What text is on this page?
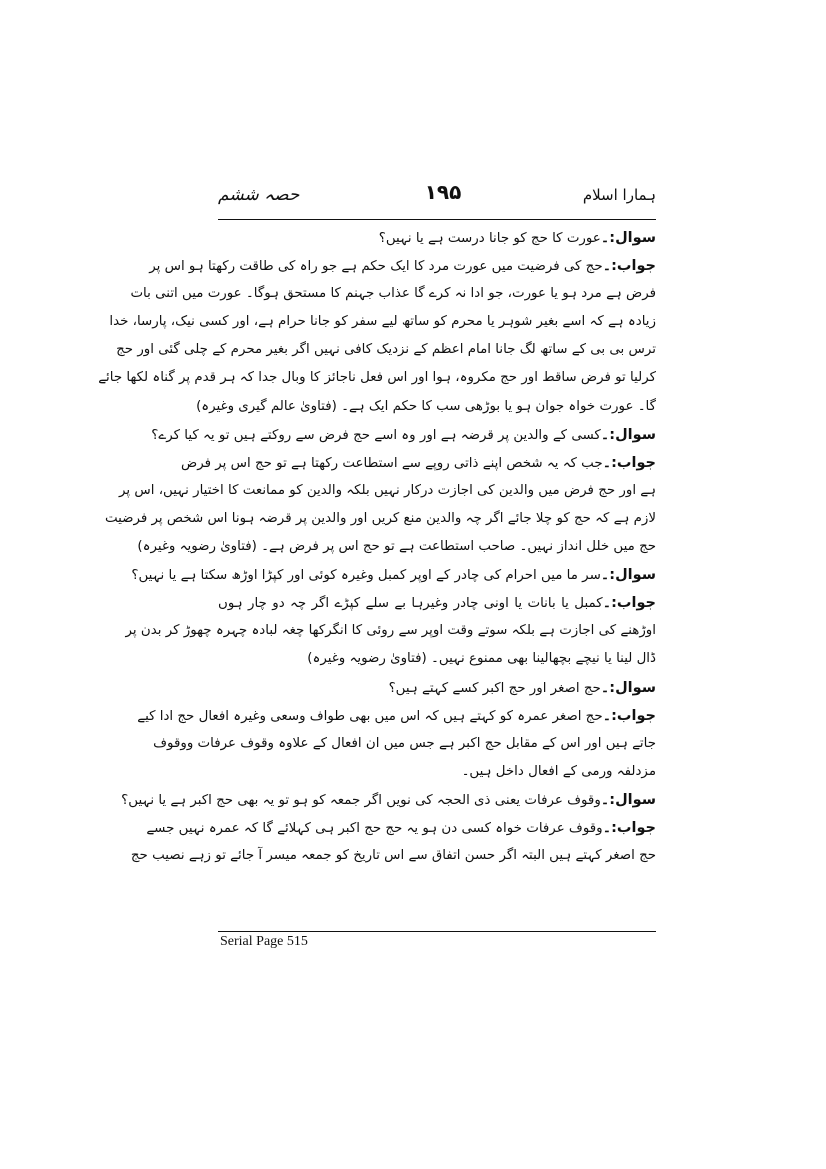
حصہ ششم	۱۹۵	ہمارا اسلام
سوال:۔عورت کا حج کو جانا درست ہے یا نہیں؟
جواب:۔حج کی فرضیت میں عورت مرد کا ایک حکم ہے جو راہ کی طاقت رکھتا ہو اس پر
فرض ہے مرد ہو یا عورت، جو ادا نہ کرے گا عذاب جہنم کا مستحق ہوگا۔ عورت میں اتنی بات
زیادہ ہے کہ اسے بغیر شوہر یا محرم کو ساتھ لیے سفر کو جانا حرام ہے، اور کسی نیک، پارسا، خدا
ترس بی بی کے ساتھ لگ جانا امام اعظم کے نزدیک کافی نہیں اگر بغیر محرم کے چلی گئی اور حج
کرلیا تو فرض ساقط اور حج مکروہ، ہوا اور اس فعل ناجائز کا وبال جدا کہ ہر قدم پر گناہ لکھا جائے
گا۔ عورت خواہ جوان ہو یا بوڑھی سب کا حکم ایک ہے۔ (فتاویٰ عالم گیری وغیرہ)
سوال:۔کسی کے والدین پر قرضہ ہے اور وہ اسے حج فرض سے روکتے ہیں تو یہ کیا کرے؟
جواب:۔جب کہ یہ شخص اپنے ذاتی روپے سے استطاعت رکھتا ہے تو حج اس پر فرض
ہے اور حج فرض میں والدین کی اجازت درکار نہیں بلکہ والدین کو ممانعت کا اختیار نہیں، اس پر
لازم ہے کہ حج کو چلا جائے اگر چہ والدین منع کریں اور والدین پر قرضہ ہونا اس شخص پر فرضیت
حج میں خلل انداز نہیں۔ صاحب استطاعت ہے تو حج اس پر فرض ہے۔ (فتاویٰ رضویہ وغیرہ)
سوال:۔سر ما میں احرام کی چادر کے اوپر کمبل وغیرہ کوئی اور کپڑا اوڑھ سکتا ہے یا نہیں؟
جواب:۔کمبل یا بانات یا اونی چادر وغیرہا بے سلے کپڑے اگر چہ دو چار ہوں
اوڑھنے کی اجازت ہے بلکہ سوتے وقت اوپر سے روئی کا انگرکھا چغہ لبادہ چہرہ چھوڑ کر بدن پر
ڈال لینا یا نیچے بچھالینا بھی ممنوع نہیں۔ (فتاویٰ رضویہ وغیرہ)
سوال:۔حج اصغر اور حج اکبر کسے کہتے ہیں؟
جواب:۔حج اصغر عمرہ کو کہتے ہیں کہ اس میں بھی طواف وسعی وغیرہ افعال حج ادا کیے
جاتے ہیں اور اس کے مقابل حج اکبر ہے جس میں ان افعال کے علاوہ وقوف عرفات ووقوف
مزدلفہ ورمی کے افعال داخل ہیں۔
سوال:۔وقوف عرفات یعنی ذی الحجہ کی نویں اگر جمعہ کو ہو تو یہ بھی حج اکبر ہے یا نہیں؟
جواب:۔وقوف عرفات خواہ کسی دن ہو یہ حج حج اکبر ہی کہلائے گا کہ عمرہ نہیں جسے
حج اصغر کہتے ہیں البتہ اگر حسن اتفاق سے اس تاریخ کو جمعہ میسر آ جائے تو زہے نصیب حج
Serial Page 515
